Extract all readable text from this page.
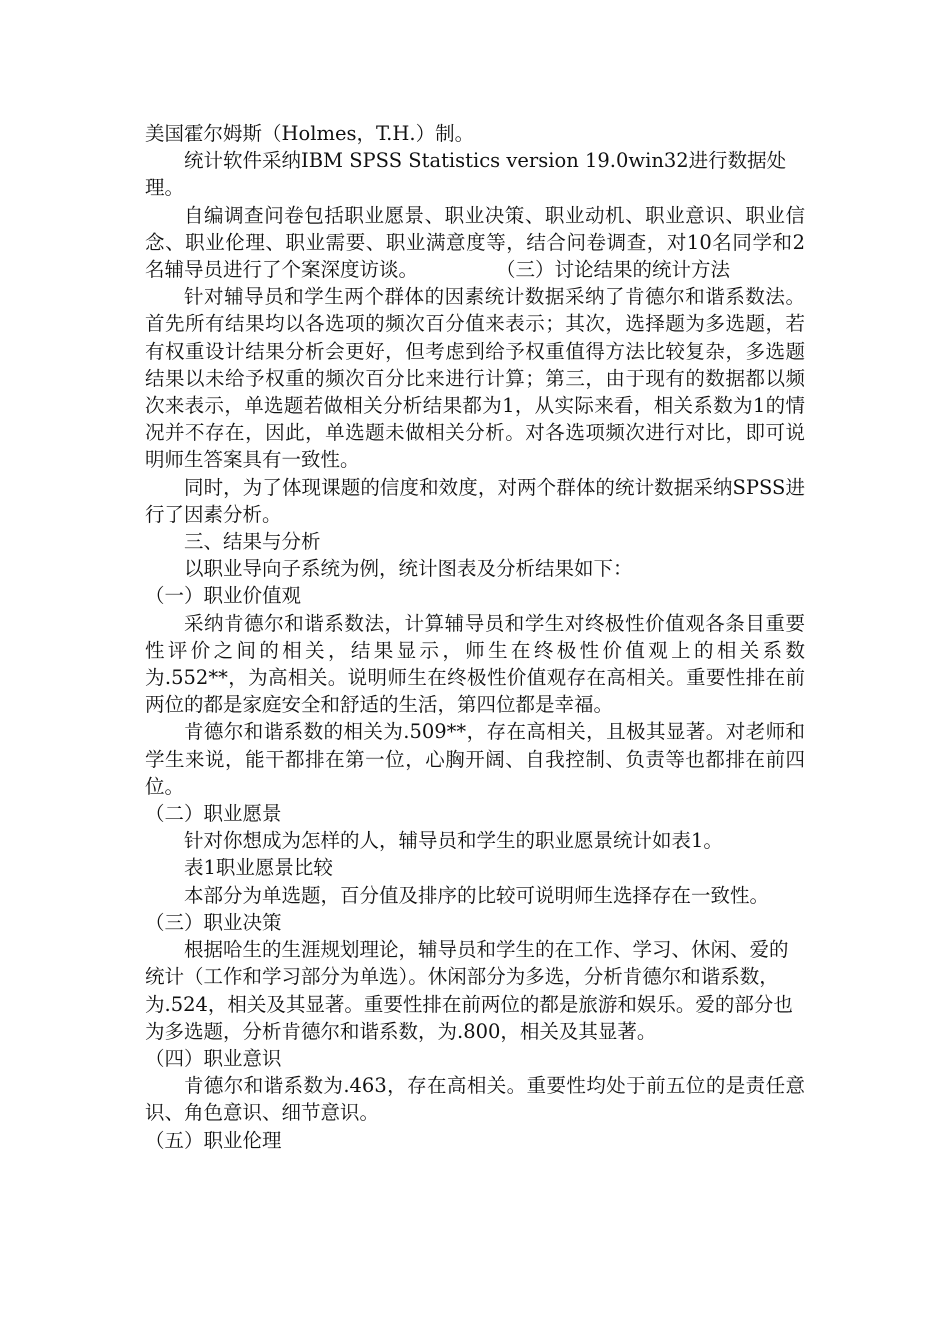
美国霍尔姆斯（Holmes，T.H.）制。

统计软件采纳IBM SPSS Statistics version 19.0win32进行数据处理。

自编调查问卷包括职业愿景、职业决策、职业动机、职业意识、职业信念、职业伦理、职业需要、职业满意度等，结合问卷调查，对10名同学和2名辅导员进行了个案深度访谈。　　　　　（三）讨论结果的统计方法

针对辅导员和学生两个群体的因素统计数据采纳了肯德尔和谐系数法。首先所有结果均以各选项的频次百分值来表示；其次，选择题为多选题，若有权重设计结果分析会更好，但考虑到给予权重值得方法比较复杂，多选题结果以未给予权重的频次百分比来进行计算；第三，由于现有的数据都以频次来表示，单选题若做相关分析结果都为1，从实际来看，相关系数为1的情况并不存在，因此，单选题未做相关分析。对各选项频次进行对比，即可说明师生答案具有一致性。

同时，为了体现课题的信度和效度，对两个群体的统计数据采纳SPSS进行了因素分析。

三、结果与分析

以职业导向子系统为例，统计图表及分析结果如下：

（一）职业价值观

采纳肯德尔和谐系数法，计算辅导员和学生对终极性价值观各条目重要性评价之间的相关，结果显示，师生在终极性价值观上的相关系数为.552**，为高相关。说明师生在终极性价值观存在高相关。重要性排在前两位的都是家庭安全和舒适的生活，第四位都是幸福。

肯德尔和谐系数的相关为.509**，存在高相关，且极其显著。对老师和学生来说，能干都排在第一位，心胸开阔、自我控制、负责等也都排在前四位。

（二）职业愿景

针对你想成为怎样的人，辅导员和学生的职业愿景统计如表1。

表1职业愿景比较

本部分为单选题，百分值及排序的比较可说明师生选择存在一致性。

（三）职业决策

根据哈生的生涯规划理论，辅导员和学生的在工作、学习、休闲、爱的统计（工作和学习部分为单选）。休闲部分为多选，分析肯德尔和谐系数，为.524，相关及其显著。重要性排在前两位的都是旅游和娱乐。爱的部分也为多选题，分析肯德尔和谐系数，为.800，相关及其显著。

（四）职业意识

肯德尔和谐系数为.463，存在高相关。重要性均处于前五位的是责任意识、角色意识、细节意识。

（五）职业伦理
